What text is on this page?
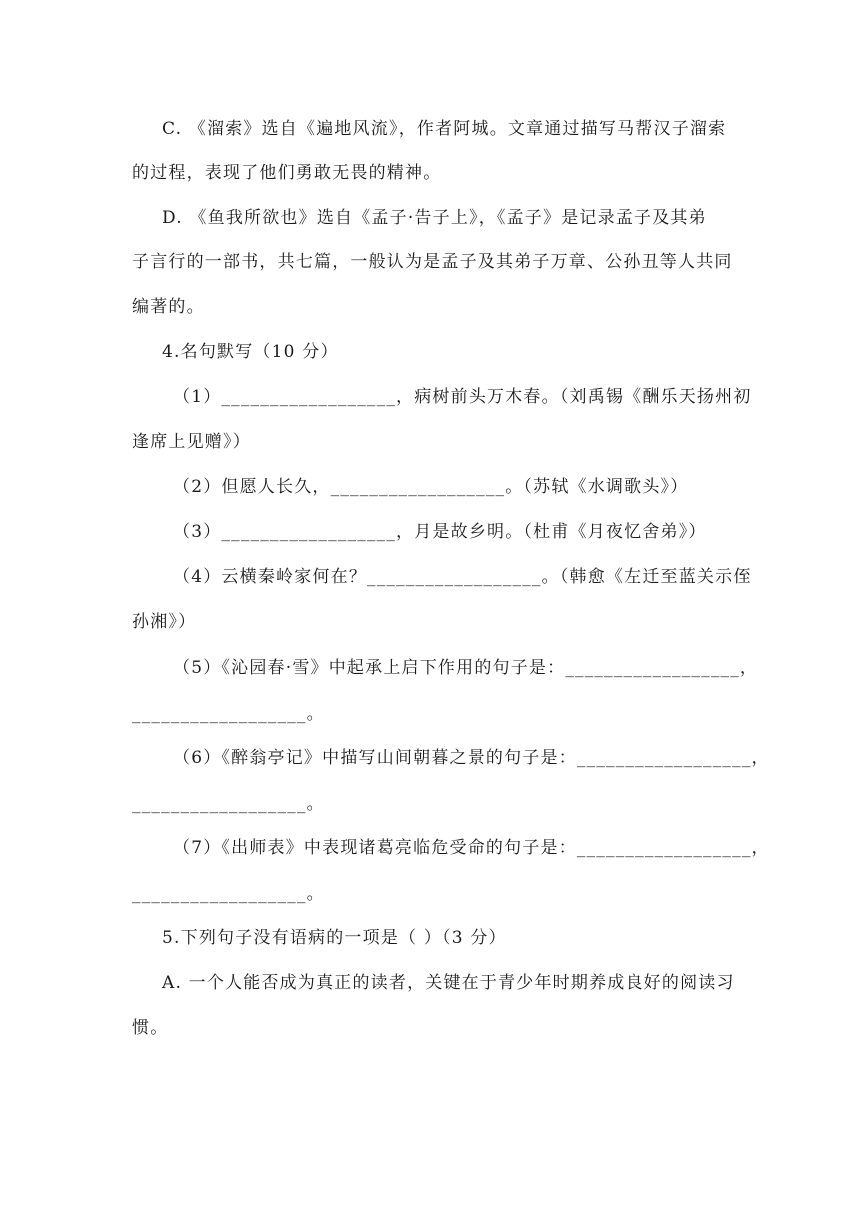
C. 《溜索》选自《遍地风流》，作者阿城。文章通过描写马帮汉子溜索
的过程，表现了他们勇敢无畏的精神。
D. 《鱼我所欲也》选自《孟子·告子上》，《孟子》是记录孟子及其弟
子言行的一部书，共七篇，一般认为是孟子及其弟子万章、公孙丑等人共同
编著的。
4.名句默写（10 分）
（1）__________________，病树前头万木春。（刘禹锡《酬乐天扬州初
逢席上见赠》）
（2）但愿人长久，__________________。（苏轼《水调歌头》）
（3）__________________，月是故乡明。（杜甫《月夜忆舍弟》）
（4）云横秦岭家何在？__________________。（韩愈《左迁至蓝关示侄
孙湘》）
（5）《沁园春·雪》中起承上启下作用的句子是：__________________，
__________________。
（6）《醉翁亭记》中描写山间朝暮之景的句子是：__________________，
__________________。
（7）《出师表》中表现诸葛亮临危受命的句子是：__________________，
__________________。
5.下列句子没有语病的一项是（ ）（3 分）
A. 一个人能否成为真正的读者，关键在于青少年时期养成良好的阅读习
惯。
